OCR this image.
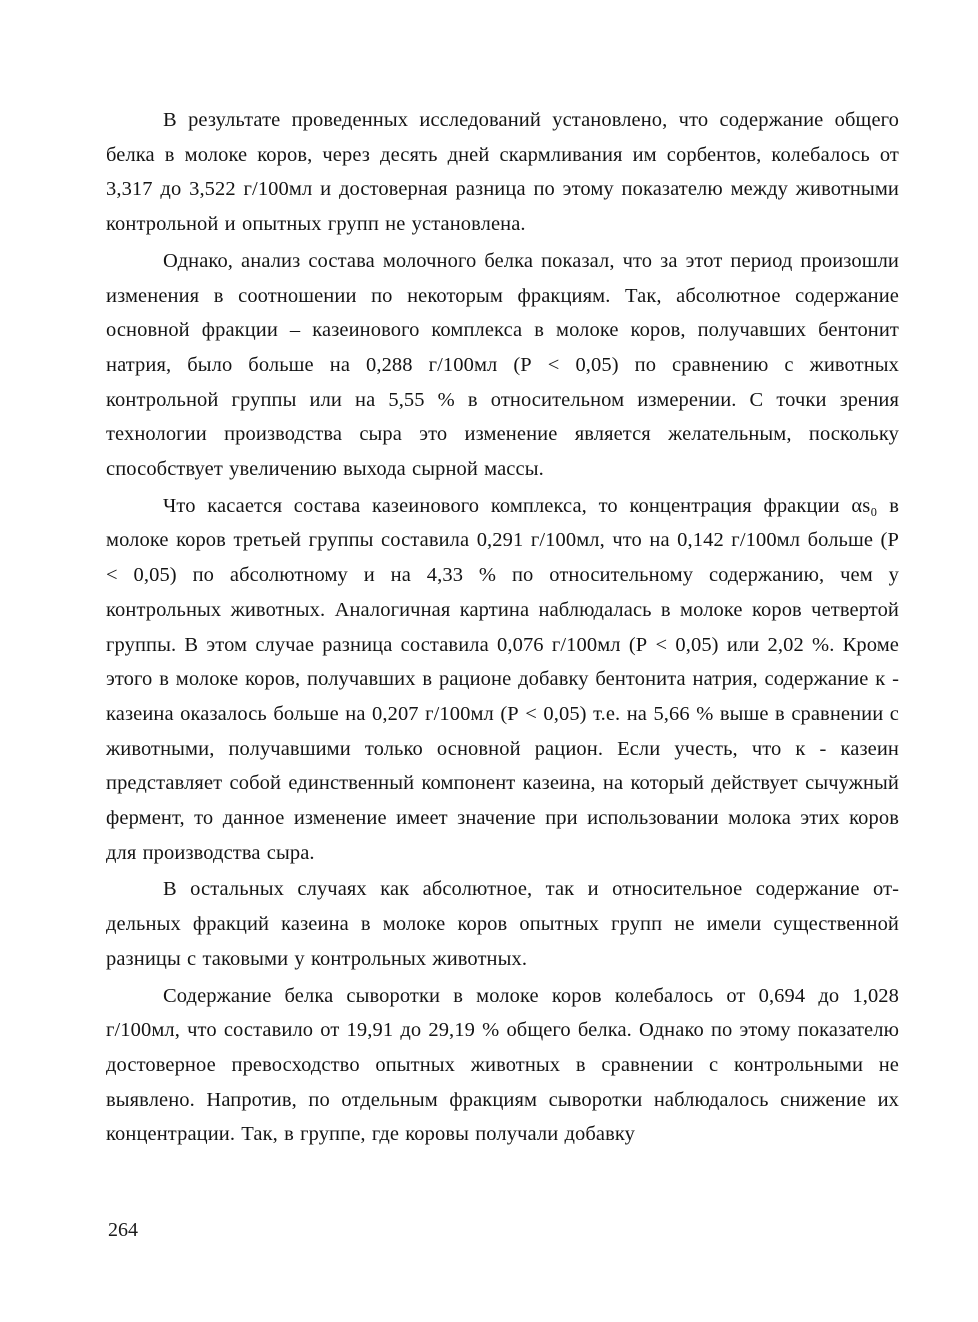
В результате проведенных исследований установлено, что содержание общего белка в молоке коров, через десять дней скармливания им сорбентов, колебалось от 3,317 до 3,522 г/100мл и достоверная разница по этому показателю между животными контрольной и опытных групп не установлена.

Однако, анализ состава молочного белка показал, что за этот период произошли изменения в соотношении по некоторым фракциям. Так, абсолютное содержание основной фракции – казеинового комплекса в молоке коров, получавших бентонит натрия, было больше на 0,288 г/100мл (Р < 0,05) по сравнению с животных контрольной группы или на 5,55 % в относительном измерении. С точки зрения технологии производства сыра это изменение является желательным, поскольку способствует увеличению выхода сырной массы.

Что касается состава казеинового комплекса, то концентрация фракции αs₀ в молоке коров третьей группы составила 0,291 г/100мл, что на 0,142 г/100мл больше (Р < 0,05) по абсолютному и на 4,33 % по относительному содержанию, чем у контрольных животных. Аналогичная картина наблюдалась в молоке коров четвертой группы. В этом случае разница составила 0,076 г/100мл (Р < 0,05) или 2,02 %. Кроме этого в молоке коров, получавших в рационе добавку бентонита натрия, содержание к - казеина оказалось больше на 0,207 г/100мл (Р < 0,05) т.е. на 5,66 % выше в сравнении с животными, получавшими только основной рацион. Если учесть, что к - казеин представляет собой единственный компонент казеина, на который действует сычужный фермент, то данное изменение имеет значение при использовании молока этих коров для производства сыра.

В остальных случаях как абсолютное, так и относительное содержание отдельных фракций казеина в молоке коров опытных групп не имели существенной разницы с таковыми у контрольных животных.

Содержание белка сыворотки в молоке коров колебалось от 0,694 до 1,028 г/100мл, что составило от 19,91 до 29,19 % общего белка. Однако по этому показателю достоверное превосходство опытных животных в сравнении с контрольными не выявлено. Напротив, по отдельным фракциям сыворотки наблюдалось снижение их концентрации. Так, в группе, где коровы получали добавку

264
